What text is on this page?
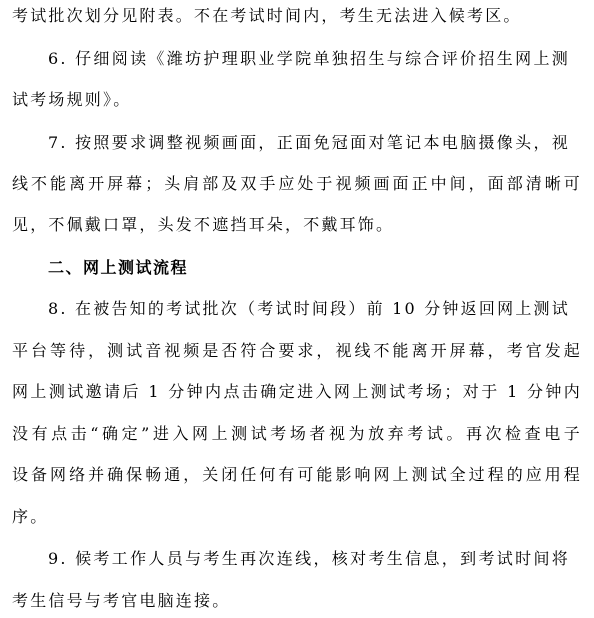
考试批次划分见附表。不在考试时间内，考生无法进入候考区。
6. 仔细阅读《潍坊护理职业学院单独招生与综合评价招生网上测
试考场规则》。
7. 按照要求调整视频画面，正面免冠面对笔记本电脑摄像头，视
线不能离开屏幕；头肩部及双手应处于视频画面正中间，面部清晰可
见，不佩戴口罩，头发不遮挡耳朵，不戴耳饰。
二、网上测试流程
8. 在被告知的考试批次（考试时间段）前 10 分钟返回网上测试
平台等待，测试音视频是否符合要求，视线不能离开屏幕，考官发起
网上测试邀请后 1 分钟内点击确定进入网上测试考场；对于 1 分钟内
没有点击“确定”进入网上测试考场者视为放弃考试。再次检查电子
设备网络并确保畅通，关闭任何有可能影响网上测试全过程的应用程
序。
9. 候考工作人员与考生再次连线，核对考生信息，到考试时间将
考生信号与考官电脑连接。
